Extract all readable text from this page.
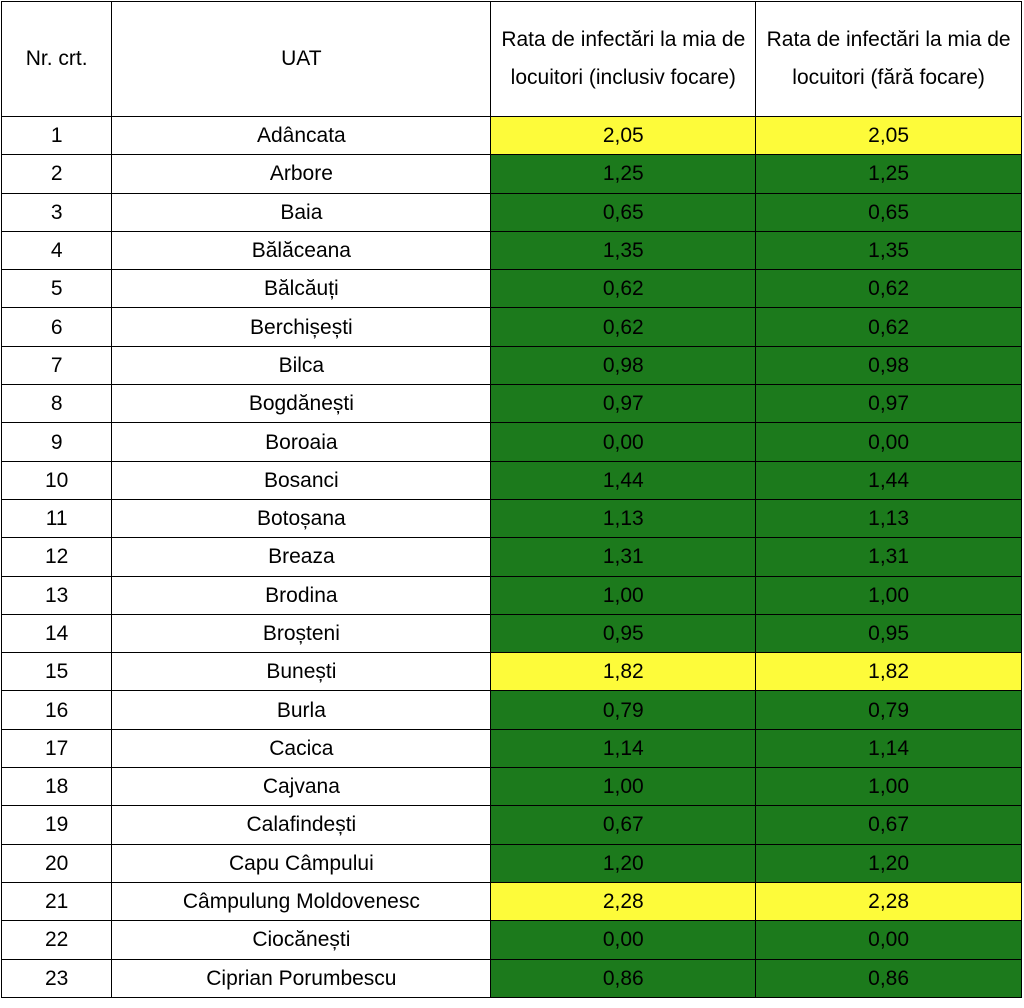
Nr. crt.	UAT	Rata de infectări la mia de locuitori (inclusiv focare)	Rata de infectări la mia de locuitori (fără focare)
1	Adâncata	2,05	2,05
2	Arbore	1,25	1,25
3	Baia	0,65	0,65
4	Bălăceana	1,35	1,35
5	Bălcăuți	0,62	0,62
6	Berchișești	0,62	0,62
7	Bilca	0,98	0,98
8	Bogdănești	0,97	0,97
9	Boroaia	0,00	0,00
10	Bosanci	1,44	1,44
11	Botoșana	1,13	1,13
12	Breaza	1,31	1,31
13	Brodina	1,00	1,00
14	Broșteni	0,95	0,95
15	Bunești	1,82	1,82
16	Burla	0,79	0,79
17	Cacica	1,14	1,14
18	Cajvana	1,00	1,00
19	Calafindești	0,67	0,67
20	Capu Câmpului	1,20	1,20
21	Câmpulung Moldovenesc	2,28	2,28
22	Ciocănești	0,00	0,00
23	Ciprian Porumbescu	0,86	0,86
